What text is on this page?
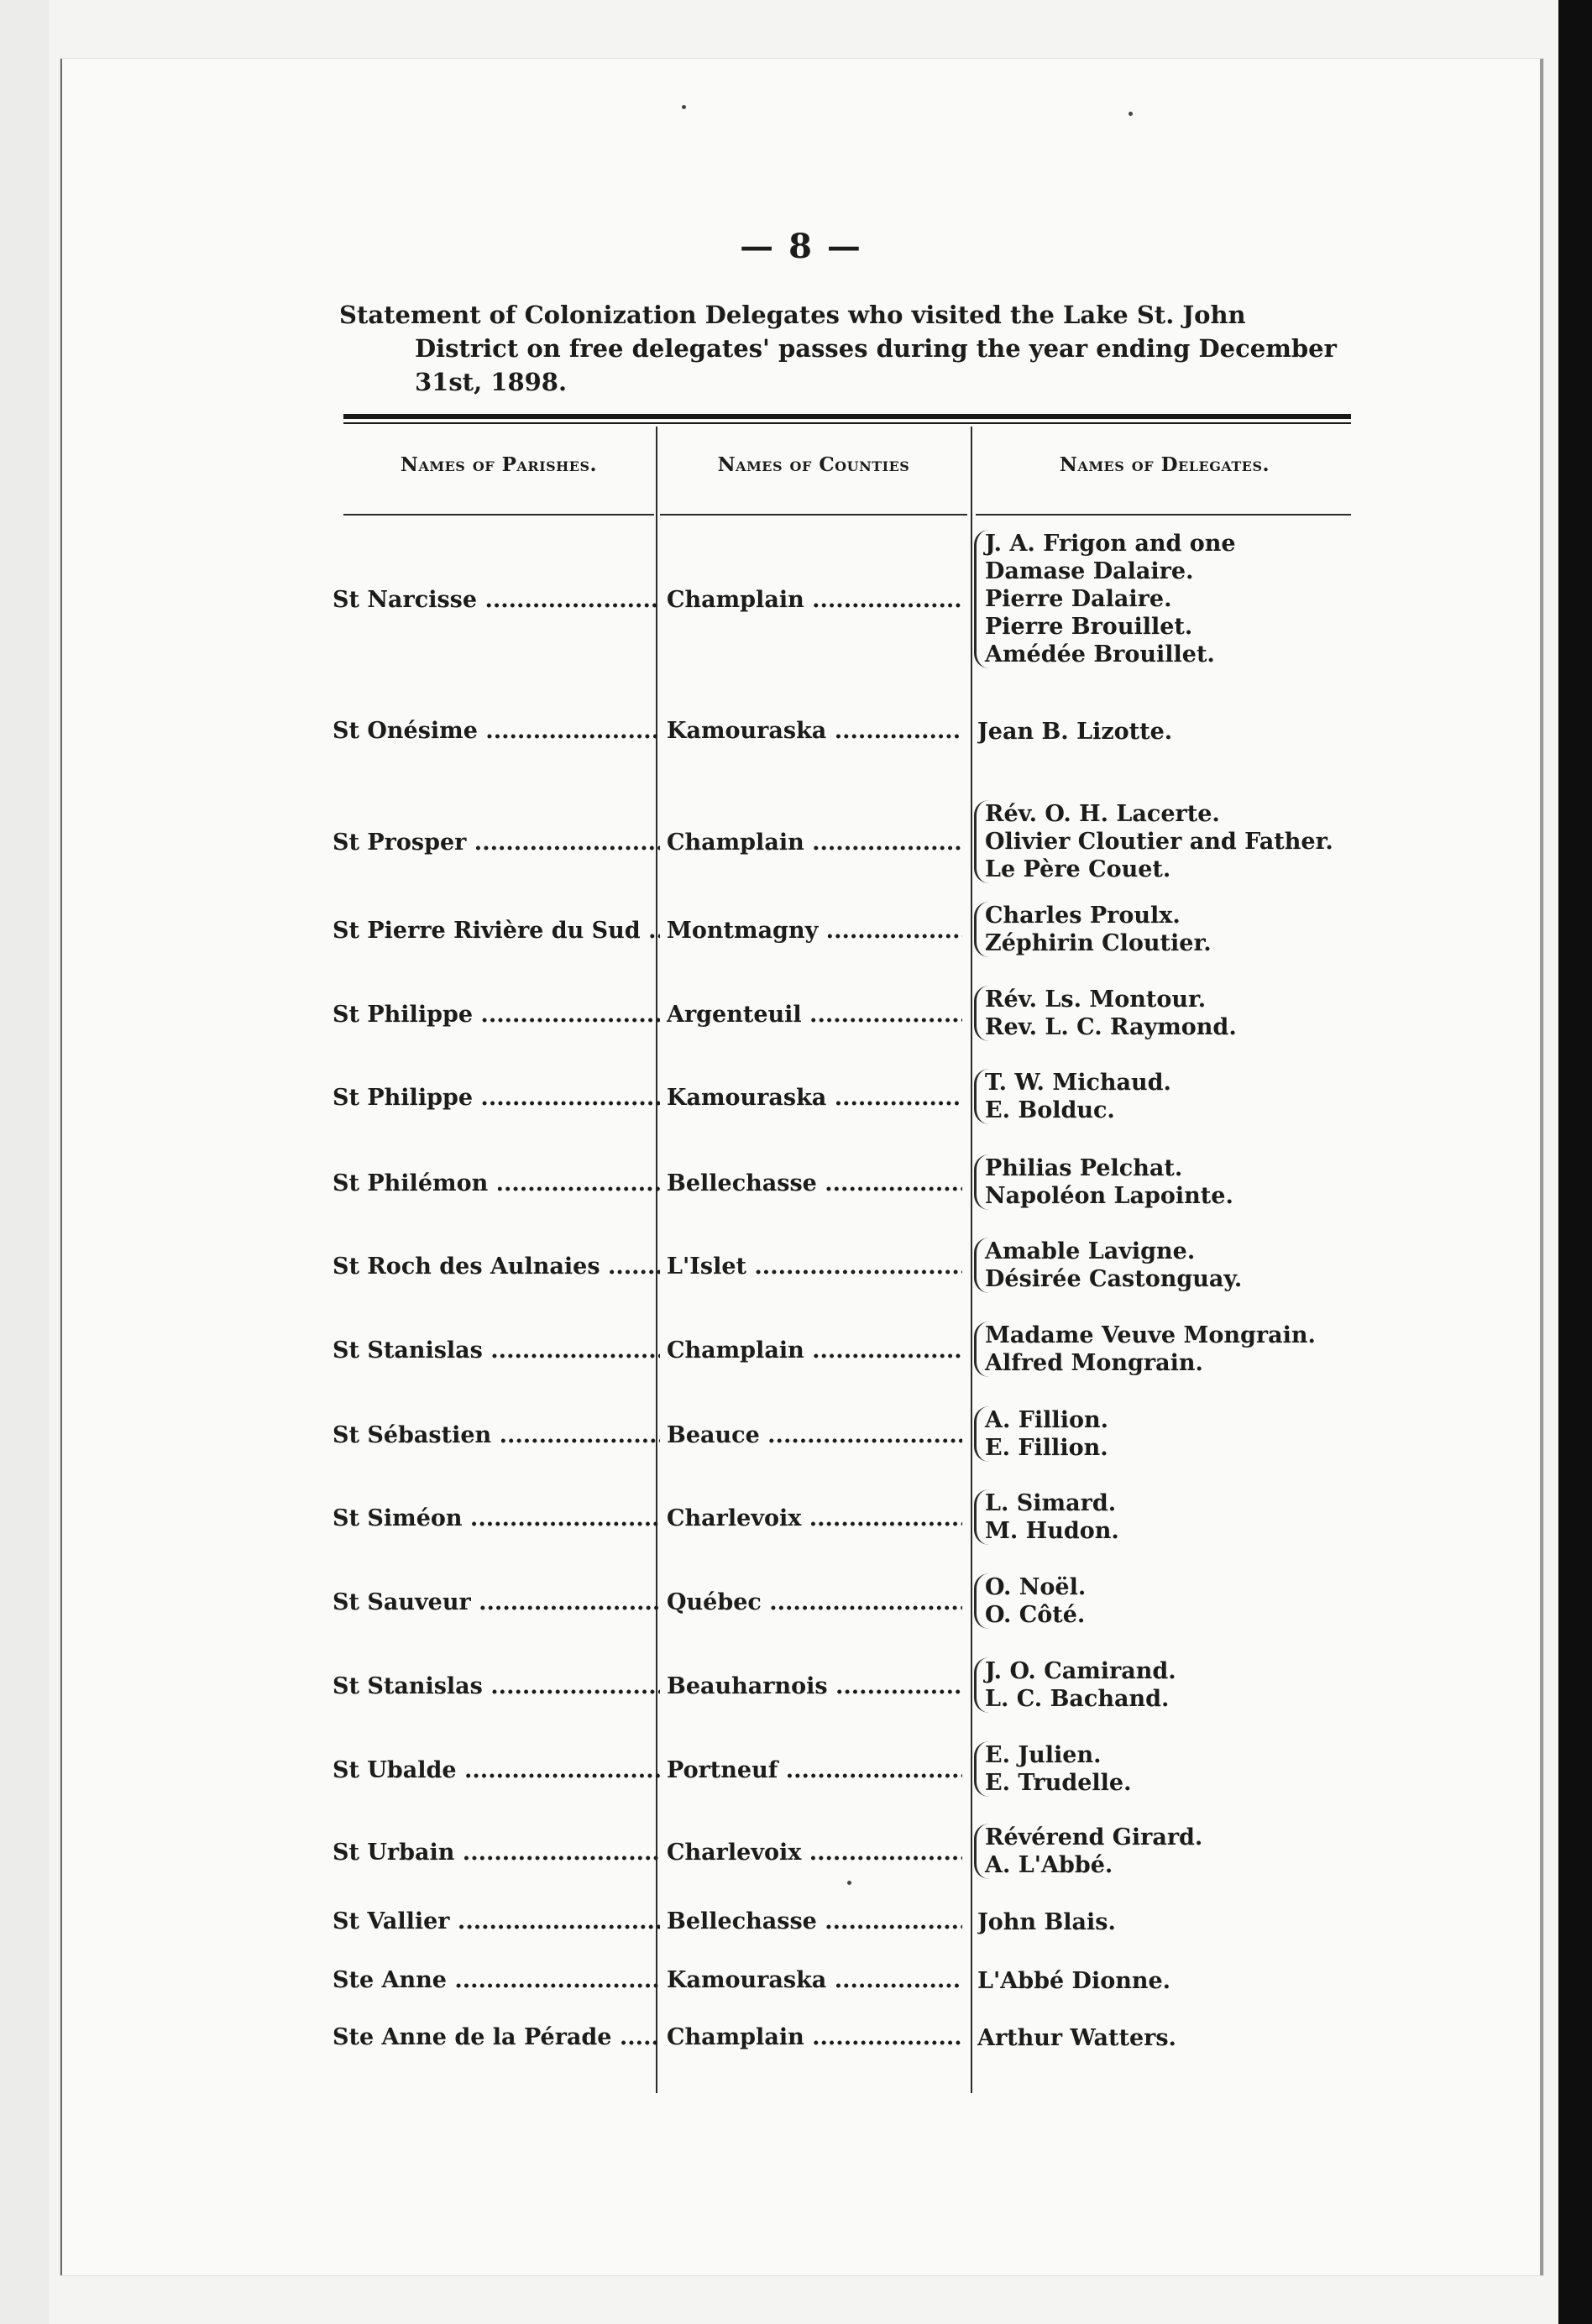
— 8 —
Statement of Colonization Delegates who visited the Lake St. John
District on free delegates' passes during the year ending December
31st, 1898.
Names of Parishes.	Names of Counties	Names of Delegates.
St Narcisse .....	Champlain .....
J. A. Frigon and one
Damase Dalaire.
Pierre Dalaire.
Pierre Brouillet.
Amédée Brouillet.
St Onésime .....	Kamouraska .....	Jean B. Lizotte.
St Prosper .....	Champlain .....
Rév. O. H. Lacerte.
Olivier Cloutier and Father.
Le Père Couet.
St Pierre Rivière du Sud .....	Montmagny .....
Charles Proulx.
Zéphirin Cloutier.
St Philippe .....	Argenteuil .....
Rév. Ls. Montour.
Rev. L. C. Raymond.
St Philippe .....	Kamouraska .....
T. W. Michaud.
E. Bolduc.
St Philémon .....	Bellechasse .....
Philias Pelchat.
Napoléon Lapointe.
St Roch des Aulnaies .....	L'Islet .....
Amable Lavigne.
Désirée Castonguay.
St Stanislas .....	Champlain .....
Madame Veuve Mongrain.
Alfred Mongrain.
St Sébastien .....	Beauce .....
A. Fillion.
E. Fillion.
St Siméon .....	Charlevoix .....
L. Simard.
M. Hudon.
St Sauveur .....	Québec .....
O. Noël.
O. Côté.
St Stanislas .....	Beauharnois .....
J. O. Camirand.
L. C. Bachand.
St Ubalde .....	Portneuf .....
E. Julien.
E. Trudelle.
St Urbain .....	Charlevoix .....
Révérend Girard.
A. L'Abbé.
St Vallier .....	Bellechasse .....	John Blais.
Ste Anne .....	Kamouraska .....	L'Abbé Dionne.
Ste Anne de la Pérade .....	Champlain .....	Arthur Watters.
